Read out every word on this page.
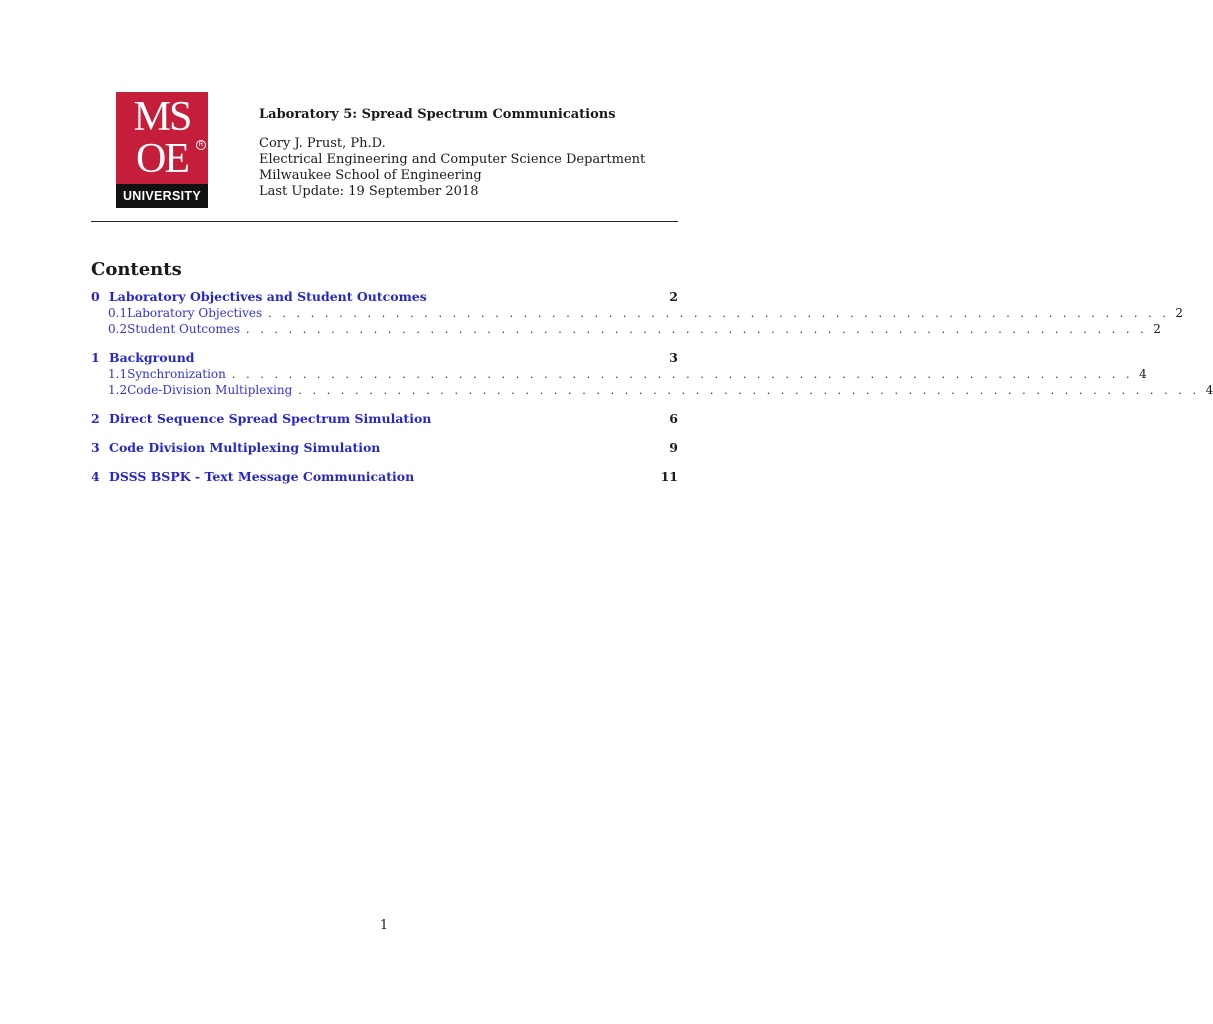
MS
OE	R
UNIVERSITY
Laboratory 5: Spread Spectrum Communications
Cory J. Prust, Ph.D.
Electrical Engineering and Computer Science Department
Milwaukee School of Engineering
Last Update: 19 September 2018
Contents
0 Laboratory Objectives and Student Outcomes	2
0.1 Laboratory Objectives . . . . . . . . . . . . . . . . . . . . . . . . . . . . . . . . . . . . . . . . . . . . . . . . . . . . . . . . . . . . . . . . 2
0.2 Student Outcomes . . . . . . . . . . . . . . . . . . . . . . . . . . . . . . . . . . . . . . . . . . . . . . . . . . . . . . . . . . . . . . . . 2
1 Background	3
1.1 Synchronization . . . . . . . . . . . . . . . . . . . . . . . . . . . . . . . . . . . . . . . . . . . . . . . . . . . . . . . . . . . . . . . . 4
1.2 Code-Division Multiplexing . . . . . . . . . . . . . . . . . . . . . . . . . . . . . . . . . . . . . . . . . . . . . . . . . . . . . . . . . . . . . . . . 4
2 Direct Sequence Spread Spectrum Simulation	6
3 Code Division Multiplexing Simulation	9
4 DSSS BSPK - Text Message Communication	11
1
